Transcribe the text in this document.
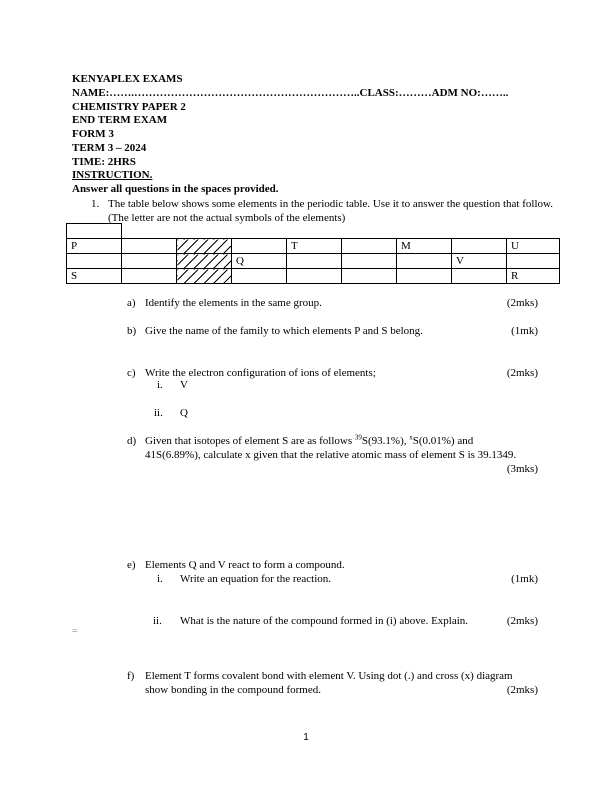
KENYAPLEX EXAMS
NAME:…….……………………………………………………..CLASS:………ADM NO:……..
CHEMISTRY PAPER 2
END TERM EXAM
FORM 3
TERM 3 – 2024
TIME: 2HRS
INSTRUCTION.
Answer all questions in the spaces provided.
1. The table below shows some elements in the periodic table. Use it to answer the question that follow. (The letter are not the actual symbols of the elements)

P				T		M		U
			Q				V	
S								R
a) Identify the elements in the same group.	(2mks)
b) Give the name of the family to which elements P and S belong.	(1mk)
c) Write the electron configuration of ions of elements;	(2mks)
i. V
ii. Q
d) Given that isotopes of element S are as follows $^{39}$S(93.1%), $^x$S(0.01%) and
41S(6.89%), calculate x given that the relative atomic mass of element S is 39.1349.
(3mks)
e) Elements Q and V react to form a compound.
i. Write an equation for the reaction.	(1mk)
ii. What is the nature of the compound formed in (i) above. Explain.	(2mks)
=
f) Element T forms covalent bond with element V. Using dot (.) and cross (x) diagram
show bonding in the compound formed.	(2mks)
1
